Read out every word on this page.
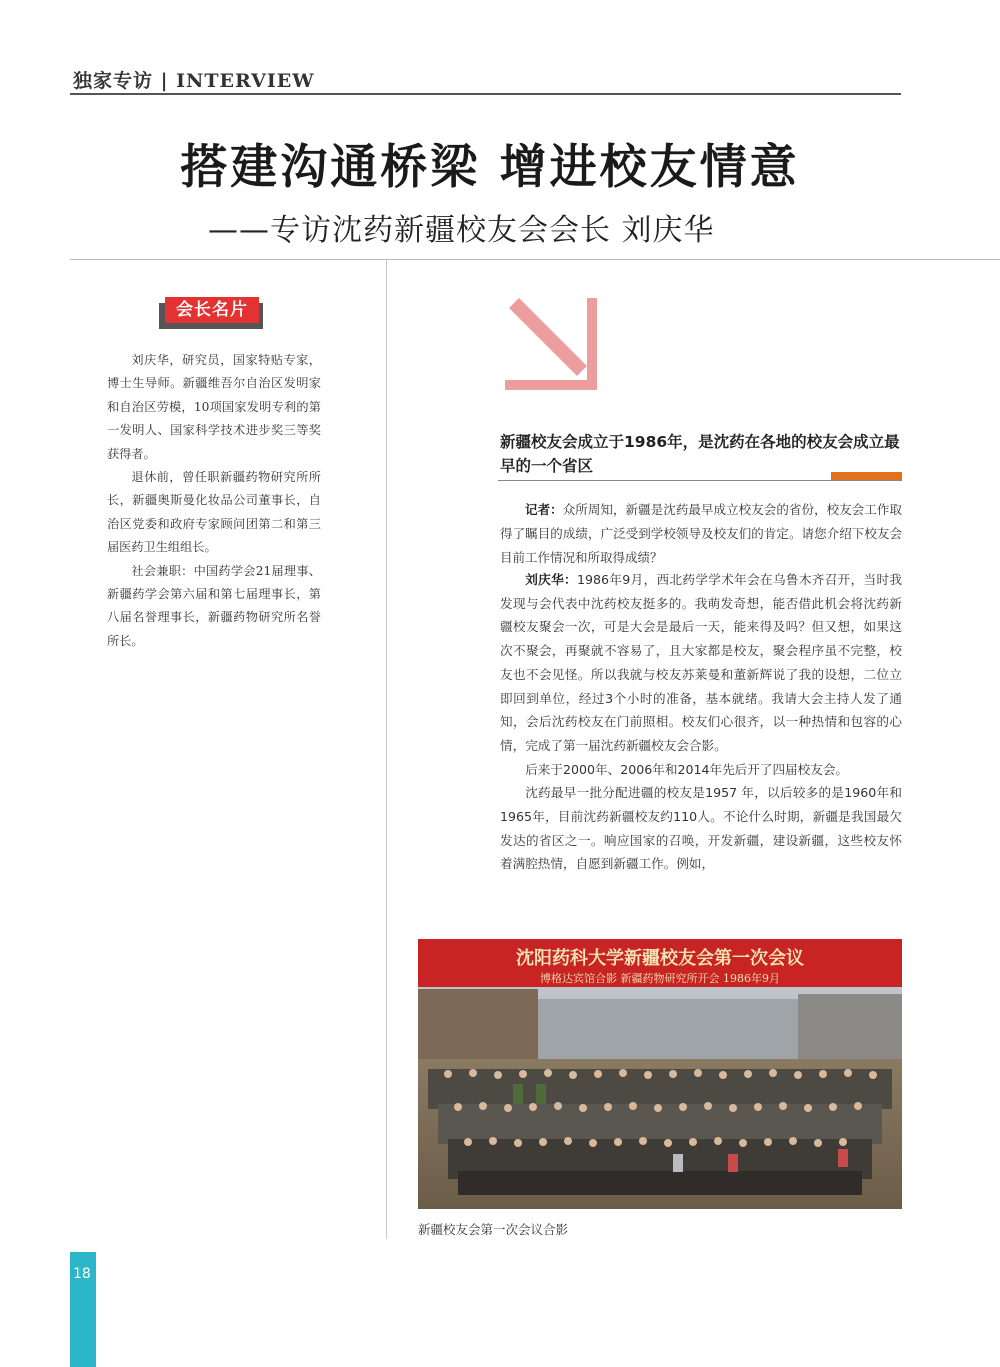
独家专访 | INTERVIEW
搭建沟通桥梁 增进校友情意
——专访沈药新疆校友会会长 刘庆华
会长名片

刘庆华，研究员，国家特贴专家，博士生导师。新疆维吾尔自治区发明家和自治区劳模，10项国家发明专利的第一发明人、国家科学技术进步奖三等奖获得者。

退休前，曾任职新疆药物研究所所长，新疆奥斯曼化妆品公司董事长，自治区党委和政府专家顾问团第二和第三届医药卫生组组长。

社会兼职：中国药学会21届理事、新疆药学会第六届和第七届理事长，第八届名誉理事长，新疆药物研究所名誉所长。

新疆校友会成立于1986年，是沈药在各地的校友会成立最早的一个省区

记者：众所周知，新疆是沈药最早成立校友会的省份，校友会工作取得了瞩目的成绩，广泛受到学校领导及校友们的肯定。请您介绍下校友会目前工作情况和所取得成绩？

刘庆华：1986年9月，西北药学学术年会在乌鲁木齐召开，当时我发现与会代表中沈药校友挺多的。我萌发奇想，能否借此机会将沈药新疆校友聚会一次，可是大会是最后一天，能来得及吗？但又想，如果这次不聚会，再聚就不容易了，且大家都是校友，聚会程序虽不完整，校友也不会见怪。所以我就与校友苏莱曼和董新辉说了我的设想，二位立即回到单位，经过3个小时的准备，基本就绪。我请大会主持人发了通知，会后沈药校友在门前照相。校友们心很齐，以一种热情和包容的心情，完成了第一届沈药新疆校友会合影。

后来于2000年、2006年和2014年先后开了四届校友会。

沈药最早一批分配进疆的校友是1957 年，以后较多的是1960年和1965年，目前沈药新疆校友约110人。不论什么时期，新疆是我国最欠发达的省区之一。响应国家的召唤，开发新疆，建设新疆，这些校友怀着满腔热情，自愿到新疆工作。例如，

沈阳药科大学新疆校友会第一次会议
博格达宾馆合影 新疆药物研究所开会 1986年9月
新疆校友会第一次会议合影
18
